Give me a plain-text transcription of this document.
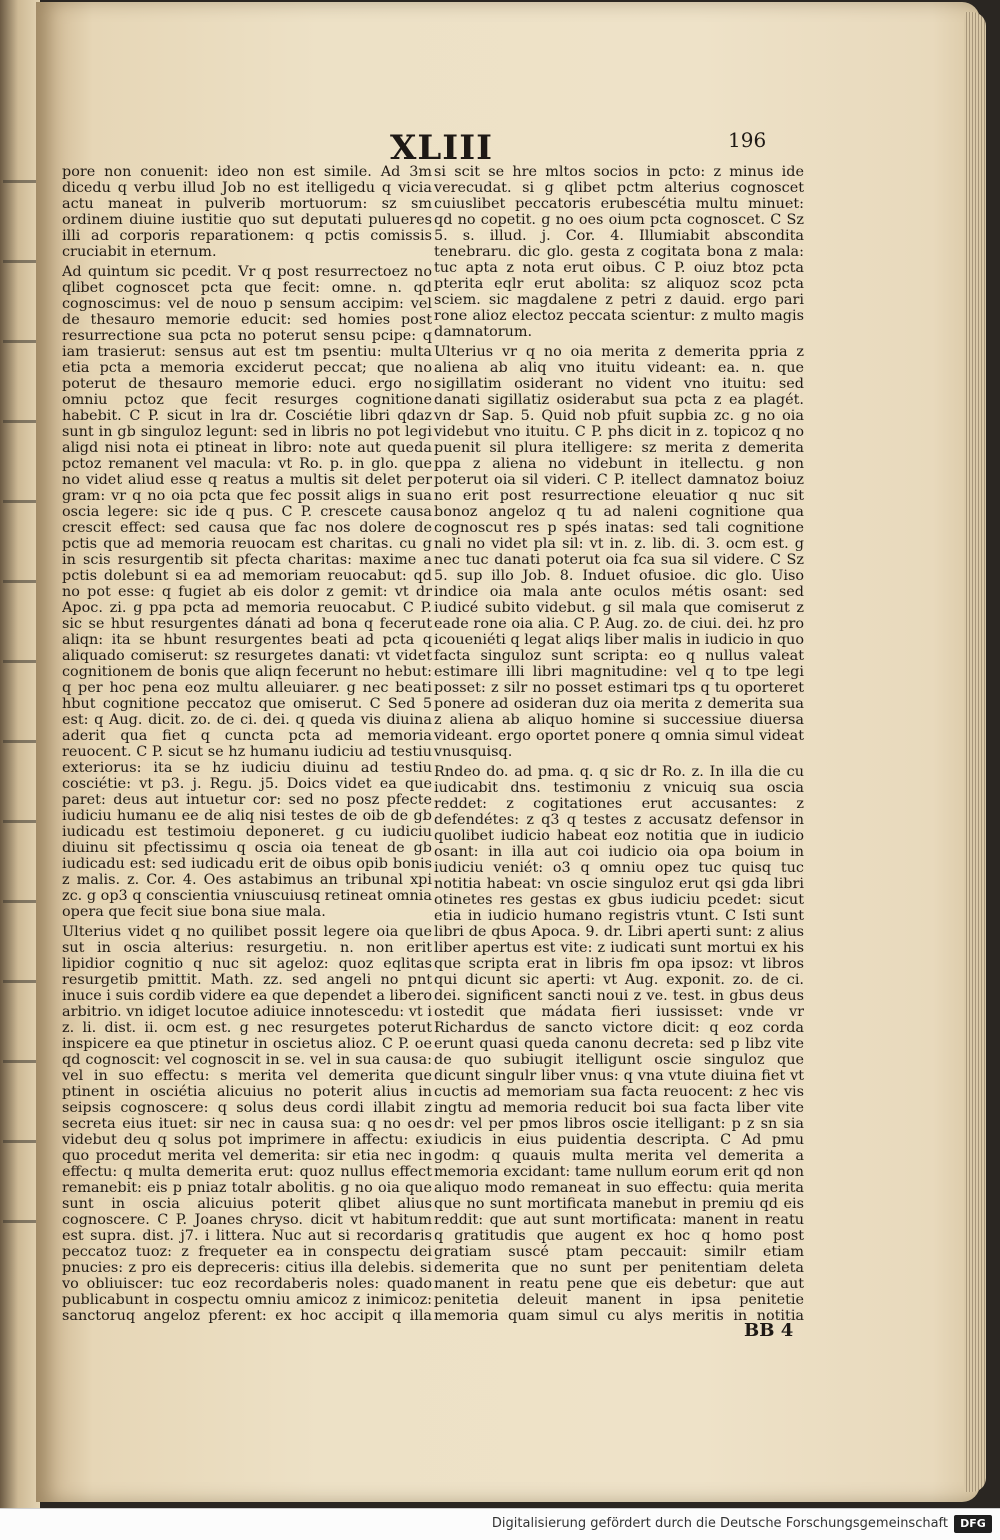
XLIII	196

pore non conuenit: ideo non est simile. Ad 3m dicedu q verbu illud Job no est itelligedu q vicia actu maneat in pulverib mortuorum: sz sm ordinem diuine iustitie quo sut deputati pulueres illi ad corporis reparationem: q pctis comissis cruciabit in eternum.

Ad quintum sic pcedit. Vr q post resurrectoez no qlibet cognoscet pcta que fecit: omne. n. qd cognoscimus: vel de nouo p sensum accipim: vel de thesauro memorie educit: sed homies post resurrectione sua pcta no poterut sensu pcipe: q iam trasierut: sensus aut est tm psentiu: multa etia pcta a memoria exciderut peccat; que no poterut de thesauro memorie educi. ergo no omniu pctoz que fecit resurges cognitione habebit. C P. sicut in lra dr. Cosciétie libri qdaz sunt in gb singuloz legunt: sed in libris no pot legi aligd nisi nota ei ptineat in libro: note aut queda pctoz remanent vel macula: vt Ro. p. in glo. que no videt aliud esse q reatus a multis sit delet per gram: vr q no oia pcta que fec possit aligs in sua oscia legere: sic ide q pus. C P. crescete causa crescit effect: sed causa que fac nos dolere de pctis que ad memoria reuocam est charitas. cu g in scis resurgentib sit pfecta charitas: maxime a pctis dolebunt si ea ad memoriam reuocabut: qd no pot esse: q fugiet ab eis dolor z gemit: vt dr Apoc. zi. g ppa pcta ad memoria reuocabut. C P. sic se hbut resurgentes dánati ad bona q fecerut aliqn: ita se hbunt resurgentes beati ad pcta q aliquado comiserut: sz resurgetes danati: vt videt cognitionem de bonis que aliqn fecerunt no hebut: q per hoc pena eoz multu alleuiarer. g nec beati hbut cognitione peccatoz que omiserut. C Sed 5 est: q Aug. dicit. zo. de ci. dei. q queda vis diuina aderit qua fiet q cuncta pcta ad memoria reuocent. C P. sicut se hz humanu iudiciu ad testiu exteriorus: ita se hz iudiciu diuinu ad testiu cosciétie: vt p3. j. Regu. j5. Doics videt ea que paret: deus aut intuetur cor: sed no posz pfecte iudiciu humanu ee de aliq nisi testes de oib de gb iudicadu est testimoiu deponeret. g cu iudiciu diuinu sit pfectissimu q oscia oia teneat de gb iudicadu est: sed iudicadu erit de oibus opib bonis z malis. z. Cor. 4. Oes astabimus an tribunal xpi zc. g op3 q conscientia vniuscuiusq retineat omnia opera que fecit siue bona siue mala.

Ulterius videt q no quilibet possit legere oia que sut in oscia alterius: resurgetiu. n. non erit lipidior cognitio q nuc sit ageloz: quoz eqlitas resurgetib pmittit. Math. zz. sed angeli no pnt inuce i suis cordib videre ea que dependet a libero arbitrio. vn idiget locutoe adiuice innotescedu: vt i z. li. dist. ii. ocm est. g nec resurgetes poterut inspicere ea que ptinetur in oscietus alioz. C P. oe qd cognoscit: vel cognoscit in se. vel in sua causa: vel in suo effectu: s merita vel demerita que ptinent in osciétia alicuius no poterit alius in seipsis cognoscere: q solus deus cordi illabit z secreta eius ituet: sir nec in causa sua: q no oes videbut deu q solus pot imprimere in affectu: ex quo procedut merita vel demerita: sir etia nec in effectu: q multa demerita erut: quoz nullus effect remanebit: eis p pniaz totalr abolitis. g no oia que sunt in oscia alicuius poterit qlibet alius cognoscere. C P. Joanes chryso. dicit vt habitum est supra. dist. j7. i littera. Nuc aut si recordaris peccatoz tuoz: z frequeter ea in conspectu dei pnucies: z pro eis depreceris: citius illa delebis. si vo obliuiscer: tuc eoz recordaberis noles: quado publicabunt in cospectu omniu amicoz z inimicoz: sanctoruq angeloz pferent: ex hoc accipit q illa

si scit se hre mltos socios in pcto: z minus ide verecudat. si g qlibet pctm alterius cognoscet cuiuslibet peccatoris erubescétia multu minuet: qd no copetit. g no oes oium pcta cognoscet. C Sz 5. s. illud. j. Cor. 4. Illumiabit abscondita tenebraru. dic glo. gesta z cogitata bona z mala: tuc apta z nota erut oibus. C P. oiuz btoz pcta pterita eqlr erut abolita: sz aliquoz scoz pcta sciem. sic magdalene z petri z dauid. ergo pari rone alioz electoz peccata scientur: z multo magis damnatorum.

Ulterius vr q no oia merita z demerita ppria z aliena ab aliq vno ituitu videant: ea. n. que sigillatim osiderant no vident vno ituitu: sed danati sigillatiz osiderabut sua pcta z ea plagét. vn dr Sap. 5. Quid nob pfuit supbia zc. g no oia videbut vno ituitu. C P. phs dicit in z. topicoz q no puenit sil plura itelligere: sz merita z demerita ppa z aliena no videbunt in itellectu. g non poterut oia sil videri. C P. itellect damnatoz boiuz no erit post resurrectione eleuatior q nuc sit bonoz angeloz q tu ad naleni cognitione qua cognoscut res p spés inatas: sed tali cognitione nali no videt pla sil: vt in. z. lib. di. 3. ocm est. g nec tuc danati poterut oia fca sua sil videre. C Sz 5. sup illo Job. 8. Induet ofusioe. dic glo. Uiso indice oia mala ante oculos métis osant: sed iudicé subito videbut. g sil mala que comiserut z eade rone oia alia. C P. Aug. zo. de ciui. dei. hz pro icoueniéti q legat aliqs liber malis in iudicio in quo facta singuloz sunt scripta: eo q nullus valeat estimare illi libri magnitudine: vel q to tpe legi posset: z silr no posset estimari tps q tu oporteret ponere ad osideran duz oia merita z demerita sua z aliena ab aliquo homine si successiue diuersa videant. ergo oportet ponere q omnia simul videat vnusquisq.

Rndeo do. ad pma. q. q sic dr Ro. z. In illa die cu iudicabit dns. testimoniu z vnicuiq sua oscia reddet: z cogitationes erut accusantes: z defendétes: z q3 q testes z accusatz defensor in quolibet iudicio habeat eoz notitia que in iudicio osant: in illa aut coi iudicio oia opa boium in iudiciu veniét: o3 q omniu opez tuc quisq tuc notitia habeat: vn oscie singuloz erut qsi gda libri otinetes res gestas ex gbus iudiciu pcedet: sicut etia in iudicio humano registris vtunt. C Isti sunt libri de qbus Apoca. 9. dr. Libri aperti sunt: z alius liber apertus est vite: z iudicati sunt mortui ex his que scripta erat in libris fm opa ipsoz: vt libros qui dicunt sic aperti: vt Aug. exponit. zo. de ci. dei. significent sancti noui z ve. test. in gbus deus ostedit que mádata fieri iussisset: vnde vr Richardus de sancto victore dicit: q eoz corda erunt quasi queda canonu decreta: sed p libz vite de quo subiugit itelligunt oscie singuloz que dicunt singulr liber vnus: q vna vtute diuina fiet vt cuctis ad memoriam sua facta reuocent: z hec vis ingtu ad memoria reducit boi sua facta liber vite dr: vel per pmos libros oscie itelligant: p z sn sia iudicis in eius puidentia descripta. C Ad pmu godm: q quauis multa merita vel demerita a memoria excidant: tame nullum eorum erit qd non aliquo modo remaneat in suo effectu: quia merita que no sunt mortificata manebut in premiu qd eis reddit: que aut sunt mortificata: manent in reatu q gratitudis que augent ex hoc q homo post gratiam suscé ptam peccauit: similr etiam demerita que no sunt per penitentiam deleta manent in reatu pene que eis debetur: que aut penitetia deleuit manent in ipsa penitetie memoria quam simul cu alys meritis in notitia

BB 4
Digitalisierung gefördert durch die Deutsche Forschungsgemeinschaft	DFG
